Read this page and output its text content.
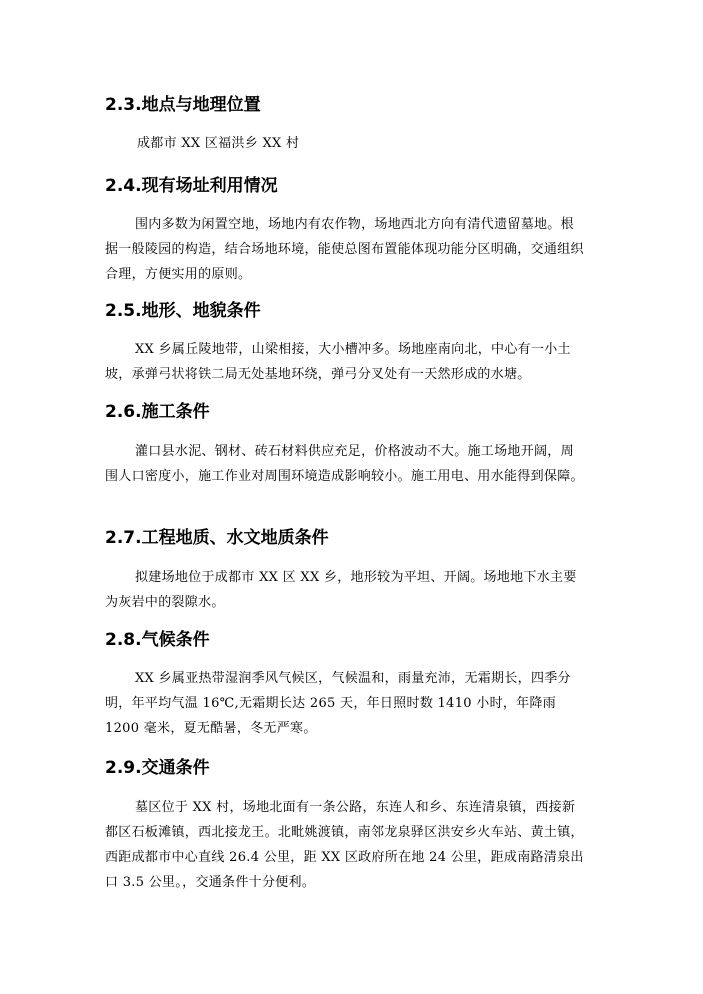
2.3.地点与地理位置
成都市 XX 区福洪乡 XX 村
2.4.现有场址利用情况
围内多数为闲置空地，场地内有农作物，场地西北方向有清代遗留墓地。根据一般陵园的构造，结合场地环境，能使总图布置能体现功能分区明确，交通组织合理，方便实用的原则。
2.5.地形、地貌条件
XX 乡属丘陵地带，山梁相接，大小槽冲多。场地座南向北，中心有一小土坡，承弹弓状将铁二局无处基地环绕，弹弓分叉处有一天然形成的水塘。
2.6.施工条件
灌口县水泥、钢材、砖石材料供应充足，价格波动不大。施工场地开阔，周围人口密度小，施工作业对周围环境造成影响较小。施工用电、用水能得到保障。
2.7.工程地质、水文地质条件
拟建场地位于成都市 XX 区 XX 乡，地形较为平坦、开阔。场地地下水主要为灰岩中的裂隙水。
2.8.气候条件
XX 乡属亚热带湿润季风气候区，气候温和，雨量充沛，无霜期长，四季分明，年平均气温 16℃,无霜期长达 265 天，年日照时数 1410 小时，年降雨 1200 毫米，夏无酷暑，冬无严寒。
2.9.交通条件
墓区位于 XX 村，场地北面有一条公路，东连人和乡、东连清泉镇，西接新都区石板滩镇，西北接龙王。北毗姚渡镇，南邻龙泉驿区洪安乡火车站、黄土镇，西距成都市中心直线 26.4 公里，距 XX 区政府所在地 24 公里，距成南路清泉出口 3.5 公里。，交通条件十分便利。
